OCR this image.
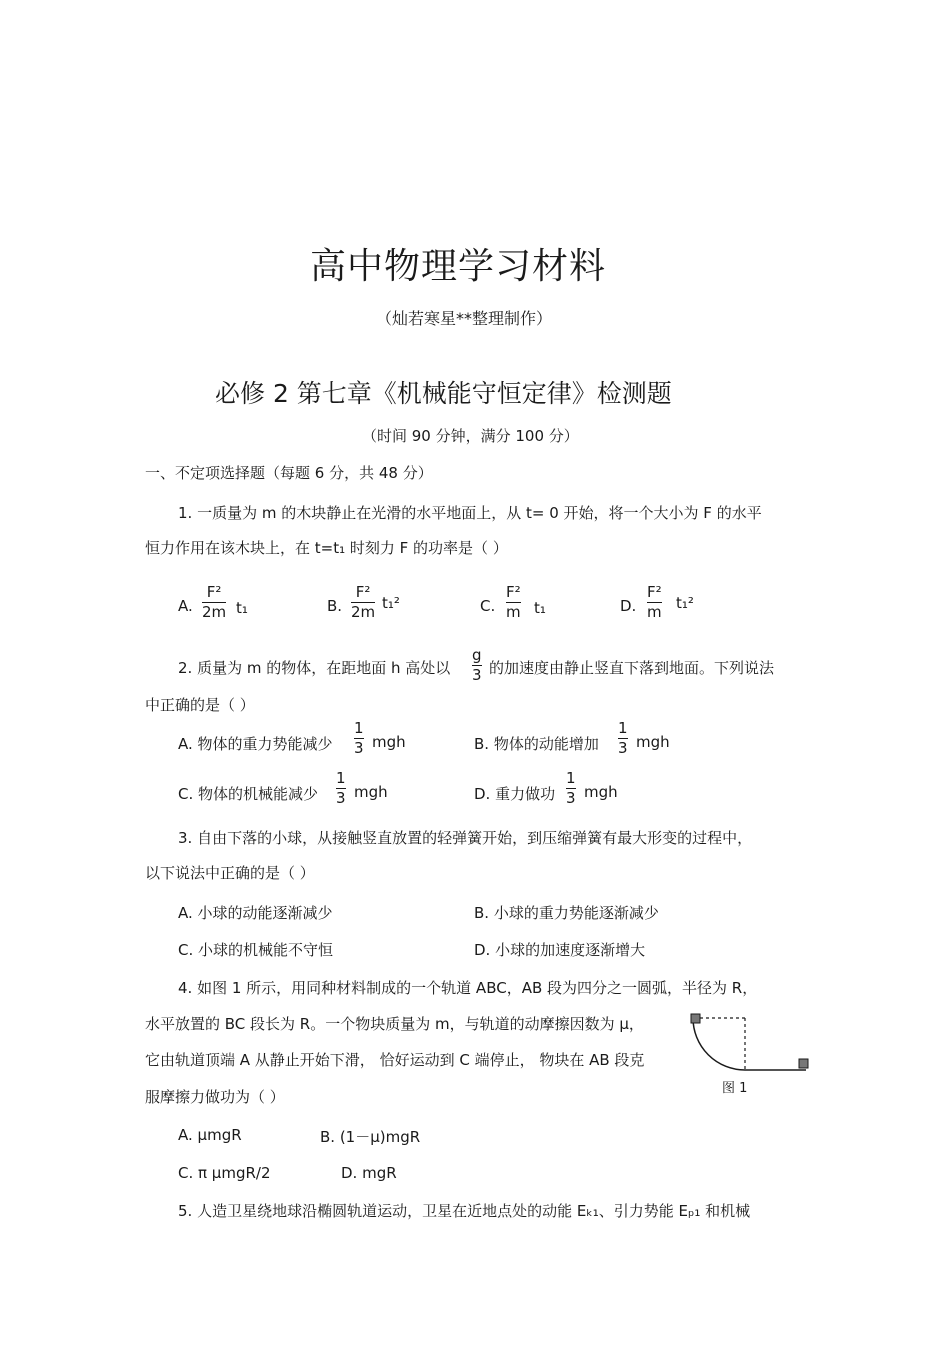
高中物理学习材料
（灿若寒星**整理制作）
必修 2 第七章《机械能守恒定律》检测题
（时间 90 分钟，满分 100 分）
一、不定项选择题（每题 6 分，共 48 分）
1. 一质量为 m 的木块静止在光滑的水平地面上，从 t= 0 开始，将一个大小为 F 的水平
恒力作用在该木块上，在 t=t₁ 时刻力 F 的功率是（ ）
A.
F²
2m t₁	B.
F²
2m t₁²	C.
F²
m t₁	D.
F²
m t₁²
2. 质量为 m 的物体，在距地面 h 高处以
g
3 的加速度由静止竖直下落到地面。下列说法
中正确的是（ ）
A. 物体的重力势能减少
1
3 mgh	B. 物体的动能增加
1
3 mgh
C. 物体的机械能减少
1
3 mgh	D. 重力做功
1
3 mgh
3. 自由下落的小球，从接触竖直放置的轻弹簧开始，到压缩弹簧有最大形变的过程中，
以下说法中正确的是（ ）
A. 小球的动能逐渐减少	B. 小球的重力势能逐渐减少
C. 小球的机械能不守恒	D. 小球的加速度逐渐增大
4. 如图 1 所示，用同种材料制成的一个轨道 ABC，AB 段为四分之一圆弧，半径为 R，
水平放置的 BC 段长为 R。一个物块质量为 m，与轨道的动摩擦因数为 μ，
它由轨道顶端 A 从静止开始下滑， 恰好运动到 C 端停止， 物块在 AB 段克
服摩擦力做功为（ ）	图 1
A. μmgR	B. (1－μ)mgR
C. π μmgR/2	D. mgR
5. 人造卫星绕地球沿椭圆轨道运动，卫星在近地点处的动能 Eₖ₁、引力势能 Eₚ₁ 和机械
